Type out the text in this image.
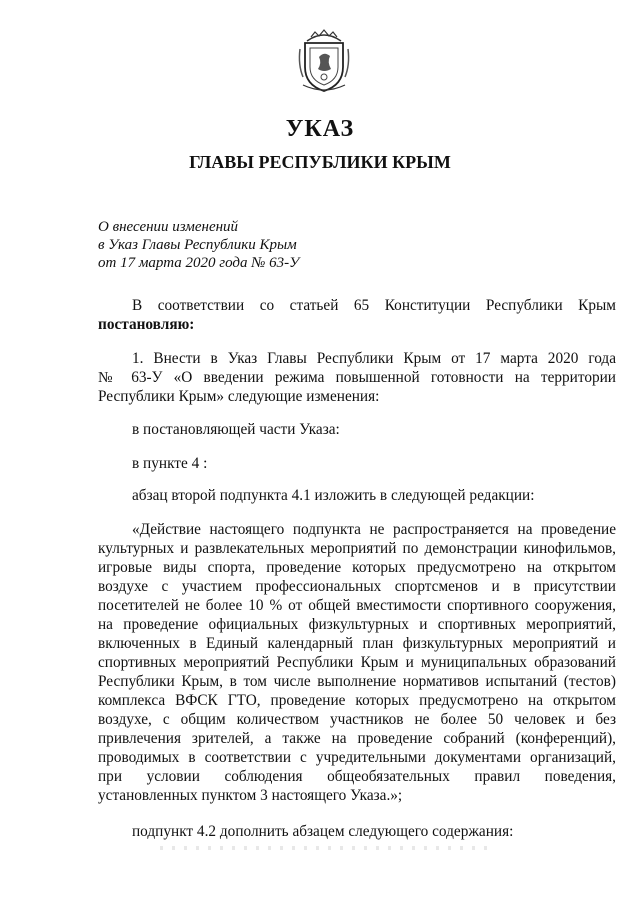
УКАЗ
ГЛАВЫ РЕСПУБЛИКИ КРЫМ
О внесении изменений
в Указ Главы Республики Крым
от 17 марта 2020 года № 63-У
В соответствии со статьей 65 Конституции Республики Крым
постановляю:
1. Внести в Указ Главы Республики Крым от 17 марта 2020 года
№ 63-У «О введении режима повышенной готовности на территории
Республики Крым» следующие изменения:
в постановляющей части Указа:
в пункте 4 :
абзац второй подпункта 4.1 изложить в следующей редакции:
«Действие настоящего подпункта не распространяется на проведение
культурных и развлекательных мероприятий по демонстрации кинофильмов,
игровые виды спорта, проведение которых предусмотрено на открытом
воздухе с участием профессиональных спортсменов и в присутствии
посетителей не более 10 % от общей вместимости спортивного сооружения,
на проведение официальных физкультурных и спортивных мероприятий,
включенных в Единый календарный план физкультурных мероприятий и
спортивных мероприятий Республики Крым и муниципальных образований
Республики Крым, в том числе выполнение нормативов испытаний (тестов)
комплекса ВФСК ГТО, проведение которых предусмотрено на открытом
воздухе, с общим количеством участников не более 50 человек и без
привлечения зрителей, а также на проведение собраний (конференций),
проводимых в соответствии с учредительными документами организаций,
при условии соблюдения общеобязательных правил поведения,
установленных пунктом 3 настоящего Указа.»;
подпункт 4.2 дополнить абзацем следующего содержания:
